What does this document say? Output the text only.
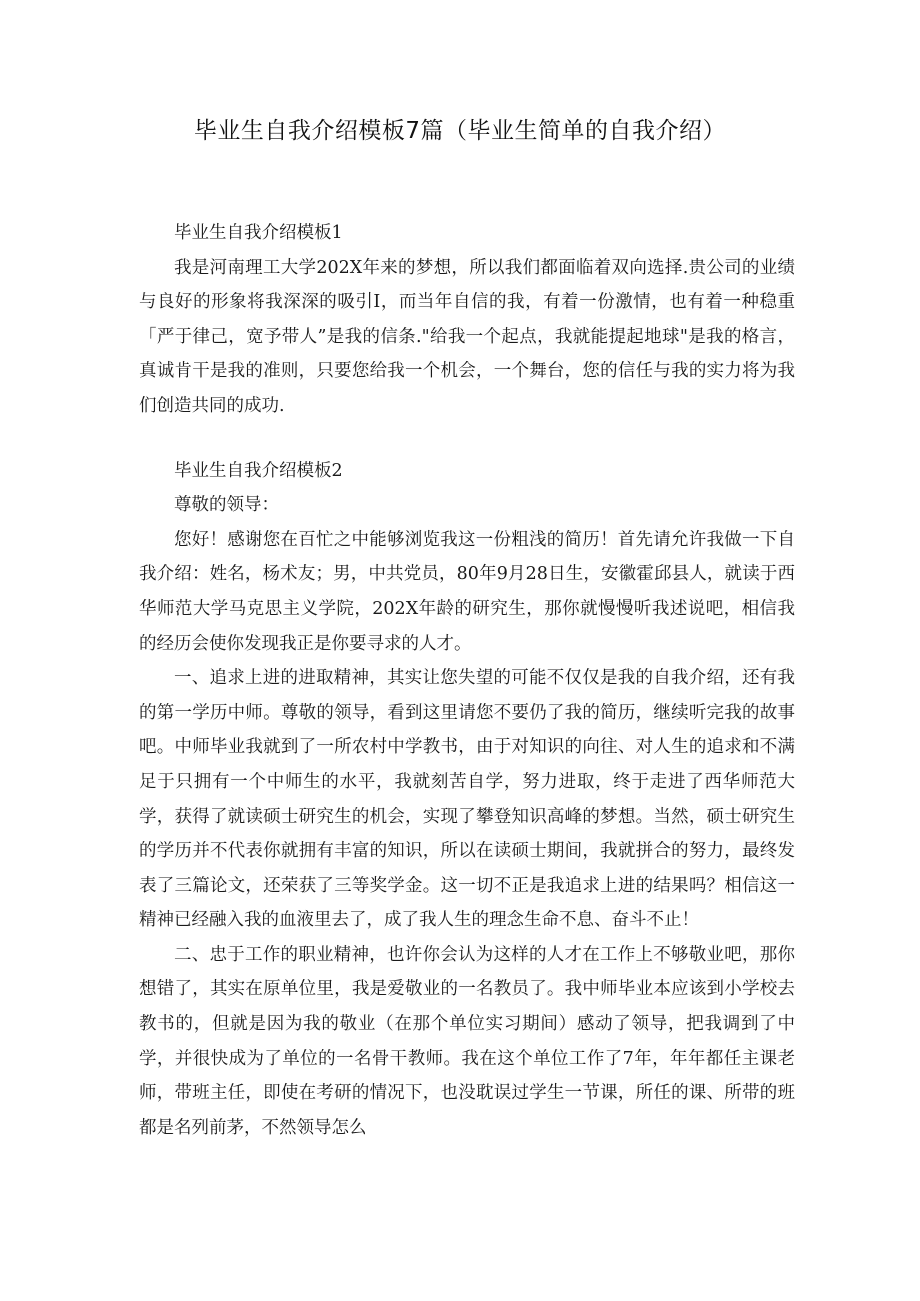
毕业生自我介绍模板7篇（毕业生简单的自我介绍）

毕业生自我介绍模板1

我是河南理工大学202X年来的梦想，所以我们都面临着双向选择.贵公司的业绩与良好的形象将我深深的吸引I，而当年自信的我，有着一份激情，也有着一种稳重「严于律己，宽予带人”是我的信条."给我一个起点，我就能提起地球"是我的格言，真诚肯干是我的准则，只要您给我一个机会，一个舞台，您的信任与我的实力将为我们创造共同的成功.

毕业生自我介绍模板2

尊敬的领导：

您好！感谢您在百忙之中能够浏览我这一份粗浅的简历！首先请允许我做一下自我介绍：姓名，杨术友；男，中共党员，80年9月28日生，安徽霍邱县人，就读于西华师范大学马克思主义学院，202X年龄的研究生，那你就慢慢听我述说吧，相信我的经历会使你发现我正是你要寻求的人才。

一、追求上进的进取精神，其实让您失望的可能不仅仅是我的自我介绍，还有我的第一学历中师。尊敬的领导，看到这里请您不要仍了我的简历，继续听完我的故事吧。中师毕业我就到了一所农村中学教书，由于对知识的向往、对人生的追求和不满足于只拥有一个中师生的水平，我就刻苦自学，努力进取，终于走进了西华师范大学，获得了就读硕士研究生的机会，实现了攀登知识高峰的梦想。当然，硕士研究生的学历并不代表你就拥有丰富的知识，所以在读硕士期间，我就拼合的努力，最终发表了三篇论文，还荣获了三等奖学金。这一切不正是我追求上进的结果吗？相信这一精神已经融入我的血液里去了，成了我人生的理念生命不息、奋斗不止！

二、忠于工作的职业精神，也许你会认为这样的人才在工作上不够敬业吧，那你想错了，其实在原单位里，我是爱敬业的一名教员了。我中师毕业本应该到小学校去教书的，但就是因为我的敬业（在那个单位实习期间）感动了领导，把我调到了中学，并很快成为了单位的一名骨干教师。我在这个单位工作了7年，年年都任主课老师，带班主任，即使在考研的情况下，也没耽误过学生一节课，所任的课、所带的班都是名列前茅，不然领导怎么
